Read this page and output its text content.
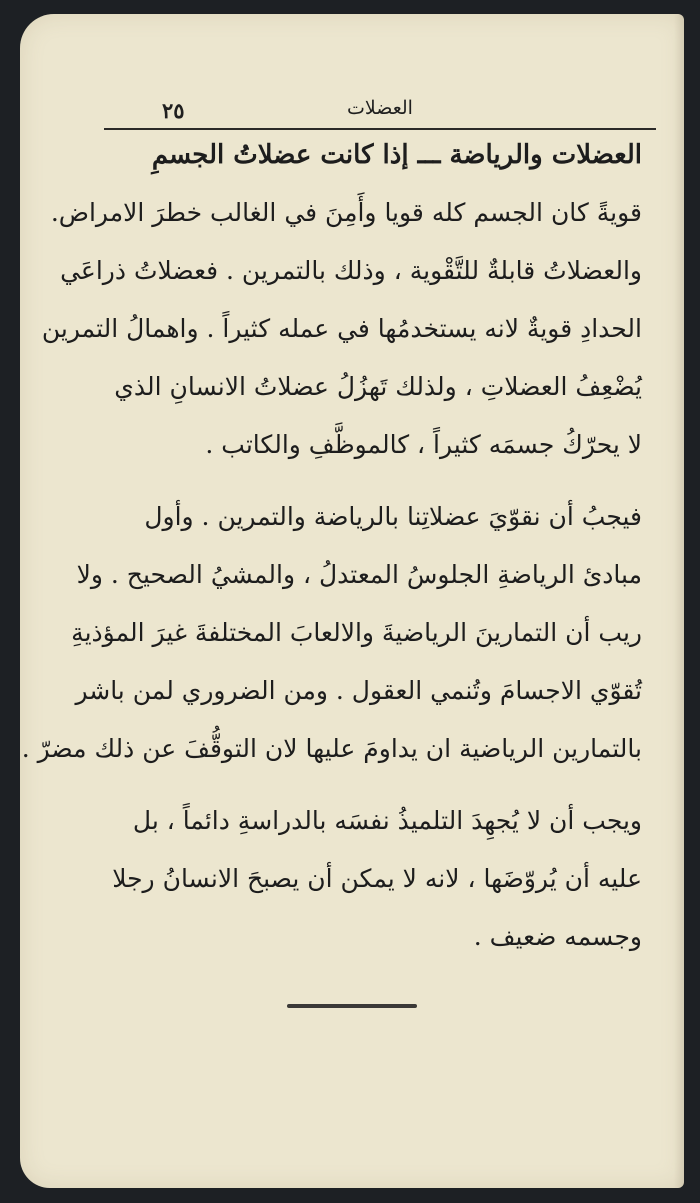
٢٥	العضلات
العضلات والرياضة ـــ إذا كانت عضلاتُ الجسمِ
قويةً كان الجسم كله قويا وأَمِنَ في الغالب خطرَ الامراض.
والعضلاتُ قابلةٌ للتَّقْوية ، وذلك بالتمرين . فعضلاتُ ذراعَي
الحدادِ قويةٌ لانه يستخدمُها في عمله كثيراً . واهمالُ التمرين
يُضْعِفُ العضلاتِ ، ولذلك تَهزُلُ عضلاتُ الانسانِ الذي
لا يحرّكُ جسمَه كثيراً ، كالموظَّفِ والكاتب .
فيجبُ أن نقوّيَ عضلاتِنا بالرياضة والتمرين . وأول
مبادئ الرياضةِ الجلوسُ المعتدلُ ، والمشيُ الصحيح . ولا
ريب أن التمارينَ الرياضيةَ والالعابَ المختلفةَ غيرَ المؤذيةِ
تُقوّي الاجسامَ وتُنمي العقول . ومن الضروري لمن باشر
بالتمارين الرياضية ان يداومَ عليها لان التوقُّفَ عن ذلك مضرّ .
ويجب أن لا يُجهِدَ التلميذُ نفسَه بالدراسةِ دائماً ، بل
عليه أن يُروّضَها ، لانه لا يمكن أن يصبحَ الانسانُ رجلا
وجسمه ضعيف .
